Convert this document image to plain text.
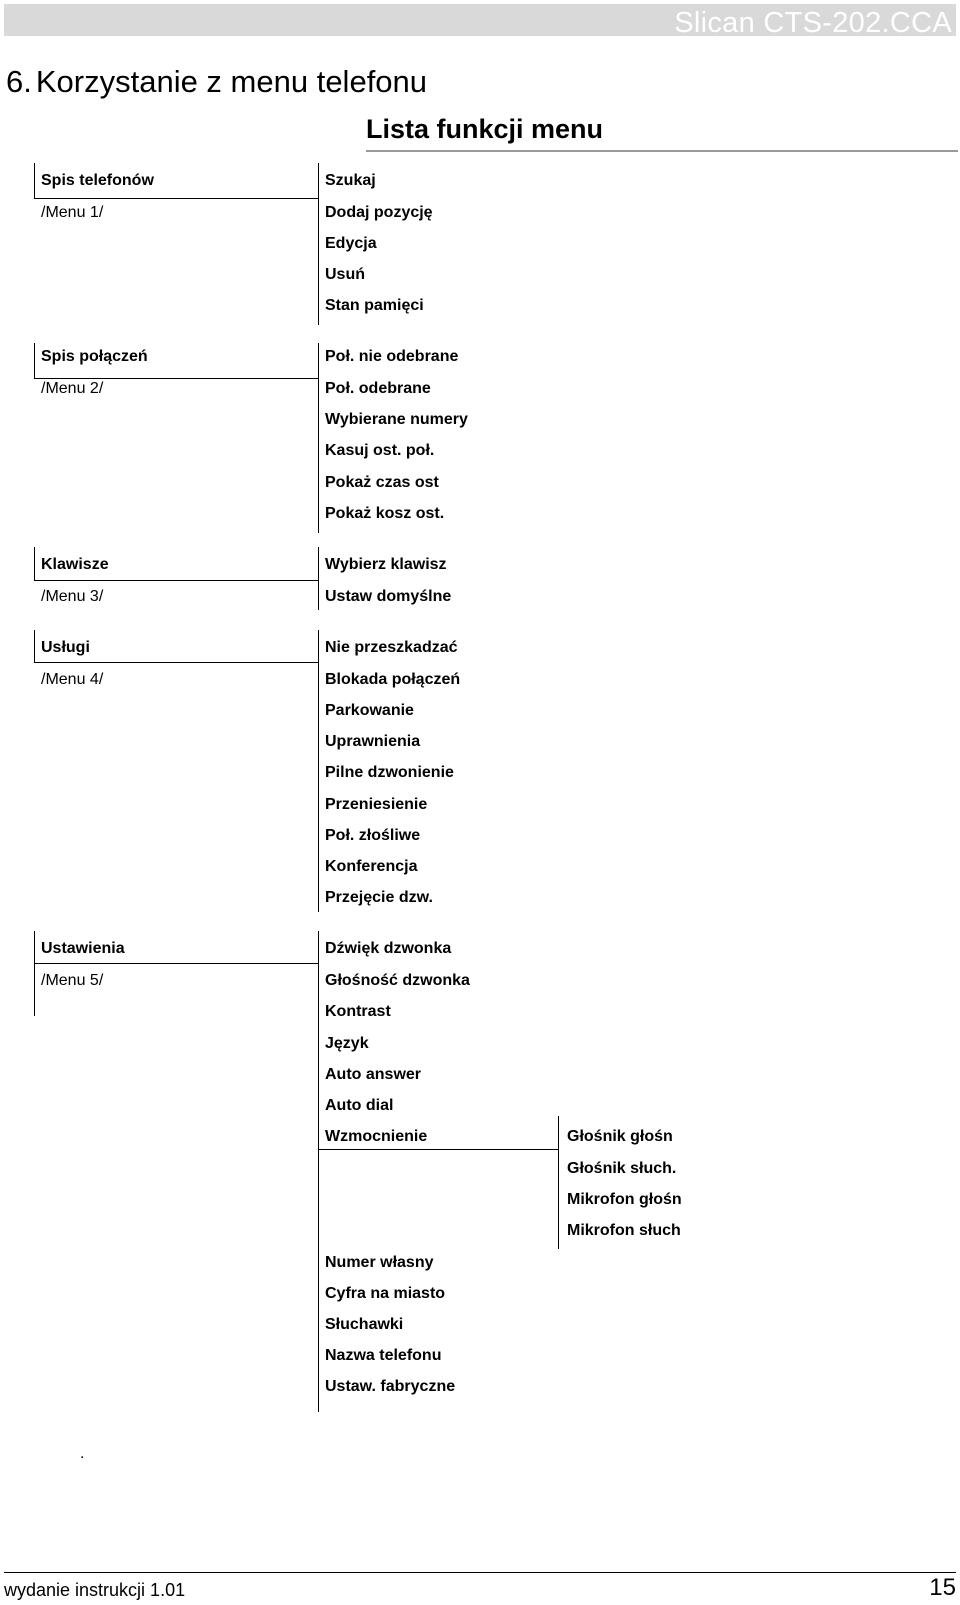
Slican CTS-202.CCA
6. Korzystanie z menu telefonu
Lista funkcji menu
Spis telefonów
/Menu 1/
Szukaj
Dodaj pozycję
Edycja
Usuń
Stan pamięci
Spis połączeń
/Menu 2/
Poł. nie odebrane
Poł. odebrane
Wybierane numery
Kasuj ost. poł.
Pokaż czas ost
Pokaż kosz ost.
Klawisze
/Menu 3/
Wybierz klawisz
Ustaw domyślne
Usługi
/Menu 4/
Nie przeszkadzać
Blokada połączeń
Parkowanie
Uprawnienia
Pilne dzwonienie
Przeniesienie
Poł. złośliwe
Konferencja
Przejęcie dzw.
Ustawienia
/Menu 5/
Dźwięk dzwonka
Głośność dzwonka
Kontrast
Język
Auto answer
Auto dial
Wzmocnienie
Numer własny
Cyfra na miasto
Słuchawki
Nazwa telefonu
Ustaw. fabryczne
Głośnik głośn
Głośnik słuch.
Mikrofon głośn
Mikrofon słuch
.
wydanie instrukcji 1.01	15
